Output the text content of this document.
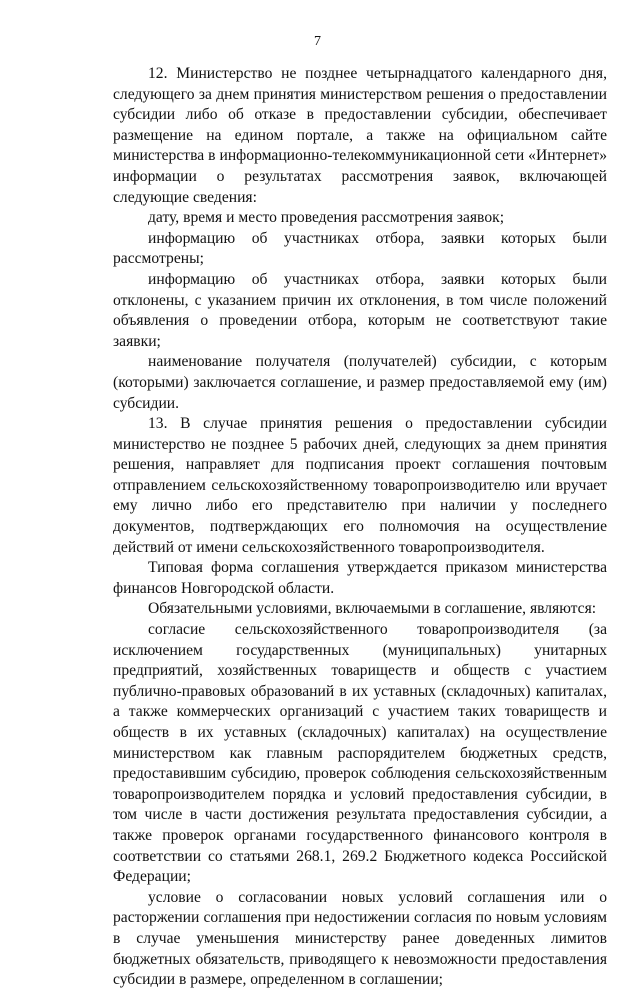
7

12. Министерство не позднее четырнадцатого календарного дня, следующего за днем принятия министерством решения о предоставлении субсидии либо об отказе в предоставлении субсидии, обеспечивает размещение на едином портале, а также на официальном сайте министерства в информационно-телекоммуникационной сети «Интернет» информации о результатах рассмотрения заявок, включающей следующие сведения:

дату, время и место проведения рассмотрения заявок;

информацию об участниках отбора, заявки которых были рассмотрены;

информацию об участниках отбора, заявки которых были отклонены, с указанием причин их отклонения, в том числе положений объявления о проведении отбора, которым не соответствуют такие заявки;

наименование получателя (получателей) субсидии, с которым (которыми) заключается соглашение, и размер предоставляемой ему (им) субсидии.

13. В случае принятия решения о предоставлении субсидии министерство не позднее 5 рабочих дней, следующих за днем принятия решения, направляет для подписания проект соглашения почтовым отправлением сельскохозяйственному товаропроизводителю или вручает ему лично либо его представителю при наличии у последнего документов, подтверждающих его полномочия на осуществление действий от имени сельскохозяйственного товаропроизводителя.

Типовая форма соглашения утверждается приказом министерства финансов Новгородской области.

Обязательными условиями, включаемыми в соглашение, являются:

согласие сельскохозяйственного товаропроизводителя (за исключением государственных (муниципальных) унитарных предприятий, хозяйственных товариществ и обществ с участием публично-правовых образований в их уставных (складочных) капиталах, а также коммерческих организаций с участием таких товариществ и обществ в их уставных (складочных) капиталах) на осуществление министерством как главным распорядителем бюджетных средств, предоставившим субсидию, проверок соблюдения сельскохозяйственным товаропроизводителем порядка и условий предоставления субсидии, в том числе в части достижения результата предоставления субсидии, а также проверок органами государственного финансового контроля в соответствии со статьями 268.1, 269.2 Бюджетного кодекса Российской Федерации;

условие о согласовании новых условий соглашения или о расторжении соглашения при недостижении согласия по новым условиям в случае уменьшения министерству ранее доведенных лимитов бюджетных обязательств, приводящего к невозможности предоставления субсидии в размере, определенном в соглашении;
